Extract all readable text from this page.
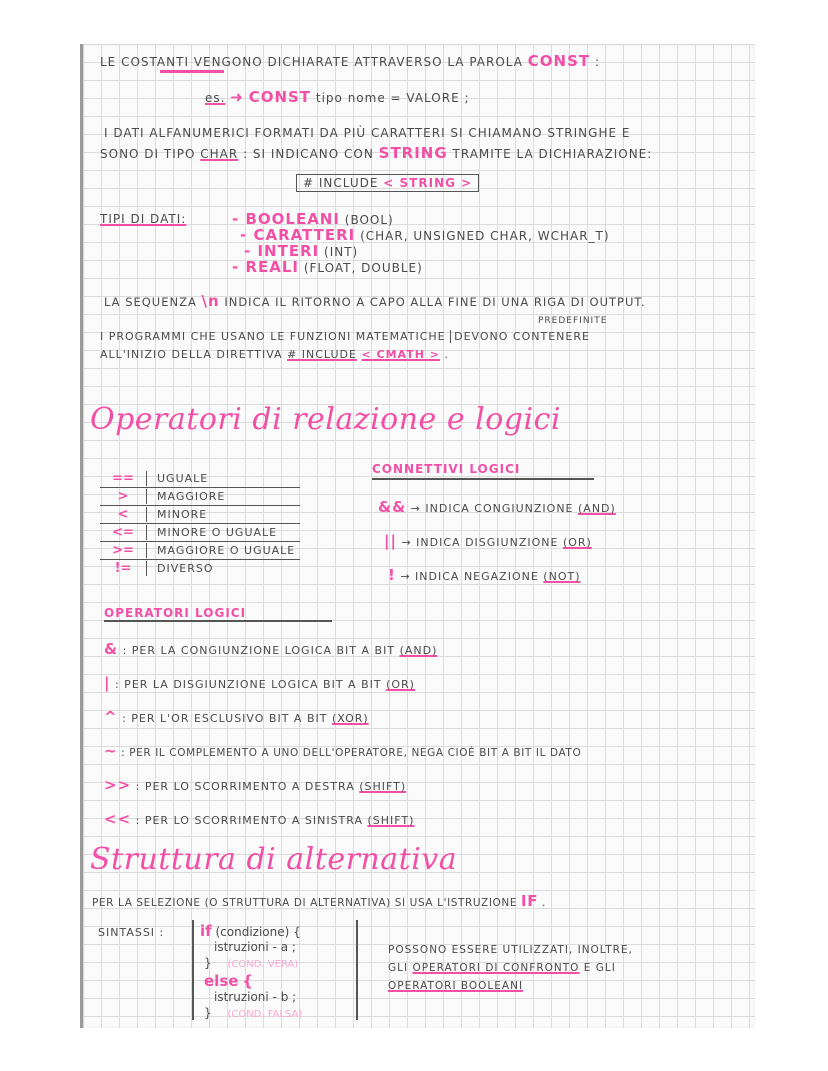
LE COSTANTI VENGONO DICHIARATE ATTRAVERSO LA PAROLA CONST :
es. ➜ CONST tipo nome = VALORE ;
I DATI ALFANUMERICI FORMATI DA PIÙ CARATTERI SI CHIAMANO STRINGHE E
SONO DI TIPO CHAR : SI INDICANO CON STRING TRAMITE LA DICHIARAZIONE:
# INCLUDE < STRING >
TIPI DI DATI:	- BOOLEANI (BOOL)
- CARATTERI (CHAR, UNSIGNED CHAR, WCHAR_T)
- INTERI (INT)
- REALI (FLOAT, DOUBLE)
LA SEQUENZA \n INDICA IL RITORNO A CAPO ALLA FINE DI UNA RIGA DI OUTPUT.
PREDEFINITE
I PROGRAMMI CHE USANO LE FUNZIONI MATEMATICHE DEVONO CONTENERE
ALL'INIZIO DELLA DIRETTIVA # INCLUDE < CMATH > .
Operatori di relazione e logici
==	UGUALE
>	MAGGIORE
<	MINORE
<=	MINORE O UGUALE
>=	MAGGIORE O UGUALE
!=	DIVERSO
CONNETTIVI LOGICI
&& → INDICA CONGIUNZIONE (AND)
|| → INDICA DISGIUNZIONE (OR)
! → INDICA NEGAZIONE (NOT)
OPERATORI LOGICI
& : PER LA CONGIUNZIONE LOGICA BIT A BIT (AND)
| : PER LA DISGIUNZIONE LOGICA BIT A BIT (OR)
^ : PER L'OR ESCLUSIVO BIT A BIT (XOR)
~ : PER IL COMPLEMENTO A UNO DELL'OPERATORE, NEGA CIOÈ BIT A BIT IL DATO
>> : PER LO SCORRIMENTO A DESTRA (SHIFT)
<< : PER LO SCORRIMENTO A SINISTRA (SHIFT)
Struttura di alternativa
PER LA SELEZIONE (O STRUTTURA DI ALTERNATIVA) SI USA L'ISTRUZIONE IF .
SINTASSI : if (condizione) {
istruzioni - a ;
} (COND. VERA)
else {
istruzioni - b ;
} (COND. FALSA)
POSSONO ESSERE UTILIZZATI, INOLTRE,
GLI OPERATORI DI CONFRONTO E GLI
OPERATORI BOOLEANI
